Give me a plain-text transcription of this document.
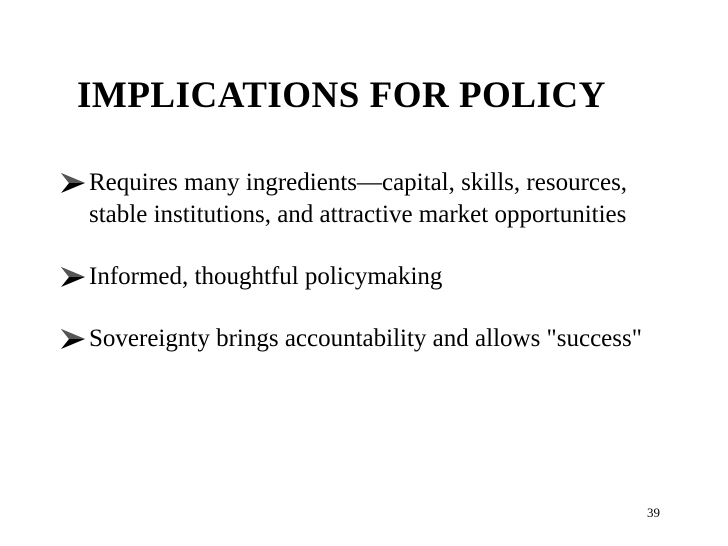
IMPLICATIONS FOR POLICY
Requires many ingredients—capital, skills, resources, stable institutions, and attractive market opportunities
Informed, thoughtful policymaking
Sovereignty brings accountability and allows "success"
39
